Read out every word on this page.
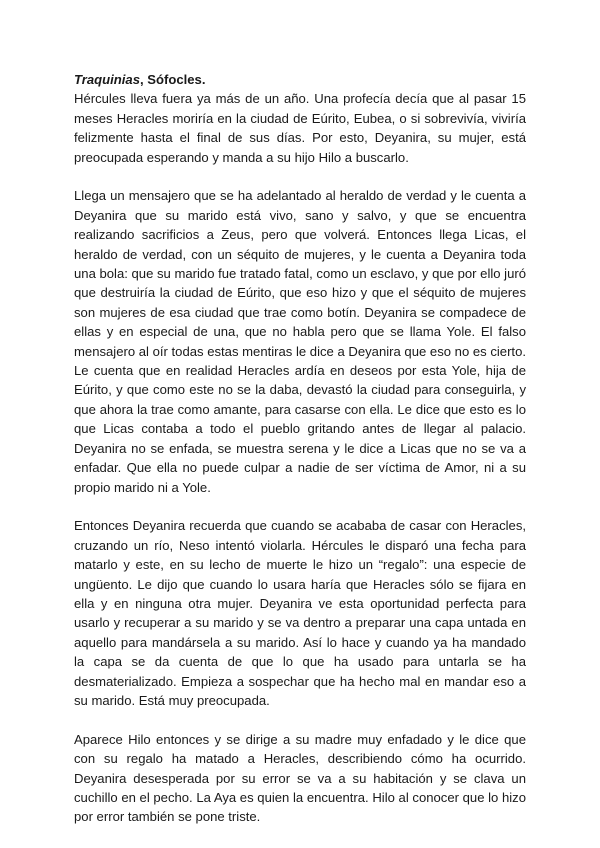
Traquinias, Sófocles.

Hércules lleva fuera ya más de un año. Una profecía decía que al pasar 15 meses Heracles moriría en la ciudad de Eúrito, Eubea, o si sobrevivía, viviría felizmente hasta el final de sus días. Por esto, Deyanira, su mujer, está preocupada esperando y manda a su hijo Hilo a buscarlo.

Llega un mensajero que se ha adelantado al heraldo de verdad y le cuenta a Deyanira que su marido está vivo, sano y salvo, y que se encuentra realizando sacrificios a Zeus, pero que volverá. Entonces llega Licas, el heraldo de verdad, con un séquito de mujeres, y le cuenta a Deyanira toda una bola: que su marido fue tratado fatal, como un esclavo, y que por ello juró que destruiría la ciudad de Eúrito, que eso hizo y que el séquito de mujeres son mujeres de esa ciudad que trae como botín. Deyanira se compadece de ellas y en especial de una, que no habla pero que se llama Yole. El falso mensajero al oír todas estas mentiras le dice a Deyanira que eso no es cierto. Le cuenta que en realidad Heracles ardía en deseos por esta Yole, hija de Eúrito, y que como este no se la daba, devastó la ciudad para conseguirla, y que ahora la trae como amante, para casarse con ella. Le dice que esto es lo que Licas contaba a todo el pueblo gritando antes de llegar al palacio. Deyanira no se enfada, se muestra serena y le dice a Licas que no se va a enfadar. Que ella no puede culpar a nadie de ser víctima de Amor, ni a su propio marido ni a Yole.

Entonces Deyanira recuerda que cuando se acababa de casar con Heracles, cruzando un río, Neso intentó violarla. Hércules le disparó una fecha para matarlo y este, en su lecho de muerte le hizo un “regalo”: una especie de ungüento. Le dijo que cuando lo usara haría que Heracles sólo se fijara en ella y en ninguna otra mujer. Deyanira ve esta oportunidad perfecta para usarlo y recuperar a su marido y se va dentro a preparar una capa untada en aquello para mandársela a su marido. Así lo hace y cuando ya ha mandado la capa se da cuenta de que lo que ha usado para untarla se ha desmaterializado. Empieza a sospechar que ha hecho mal en mandar eso a su marido. Está muy preocupada.

Aparece Hilo entonces y se dirige a su madre muy enfadado y le dice que con su regalo ha matado a Heracles, describiendo cómo ha ocurrido. Deyanira desesperada por su error se va a su habitación y se clava un cuchillo en el pecho. La Aya es quien la encuentra. Hilo al conocer que lo hizo por error también se pone triste.
